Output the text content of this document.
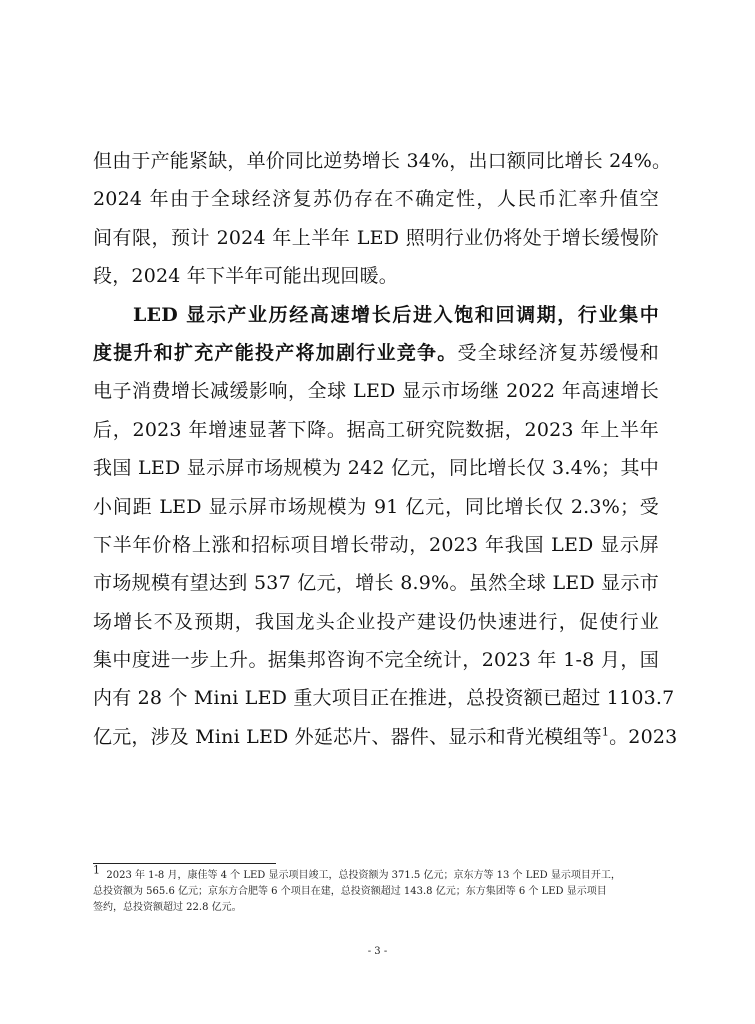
但由于产能紧缺，单价同比逆势增长 34%，出口额同比增长 24%。
2024 年由于全球经济复苏仍存在不确定性，人民币汇率升值空
间有限，预计 2024 年上半年 LED 照明行业仍将处于增长缓慢阶
段，2024 年下半年可能出现回暖。
LED 显示产业历经高速增长后进入饱和回调期，行业集中
度提升和扩充产能投产将加剧行业竞争。受全球经济复苏缓慢和
电子消费增长减缓影响，全球 LED 显示市场继 2022 年高速增长
后，2023 年增速显著下降。据高工研究院数据，2023 年上半年
我国 LED 显示屏市场规模为 242 亿元，同比增长仅 3.4%；其中
小间距 LED 显示屏市场规模为 91 亿元，同比增长仅 2.3%；受
下半年价格上涨和招标项目增长带动，2023 年我国 LED 显示屏
市场规模有望达到 537 亿元，增长 8.9%。虽然全球 LED 显示市
场增长不及预期，我国龙头企业投产建设仍快速进行，促使行业
集中度进一步上升。据集邦咨询不完全统计，2023 年 1-8 月，国
内有 28 个 Mini LED 重大项目正在推进，总投资额已超过 1103.7
亿元，涉及 Mini LED 外延芯片、器件、显示和背光模组等$^1$。2023
$^1$ 2023 年 1-8 月，康佳等 4 个 LED 显示项目竣工，总投资额为 371.5 亿元；京东方等 13 个 LED 显示项目开工，
总投资额为 565.6 亿元；京东方合肥等 6 个项目在建，总投资额超过 143.8 亿元；东方集团等 6 个 LED 显示项目
签约，总投资额超过 22.8 亿元。
- 3 -
